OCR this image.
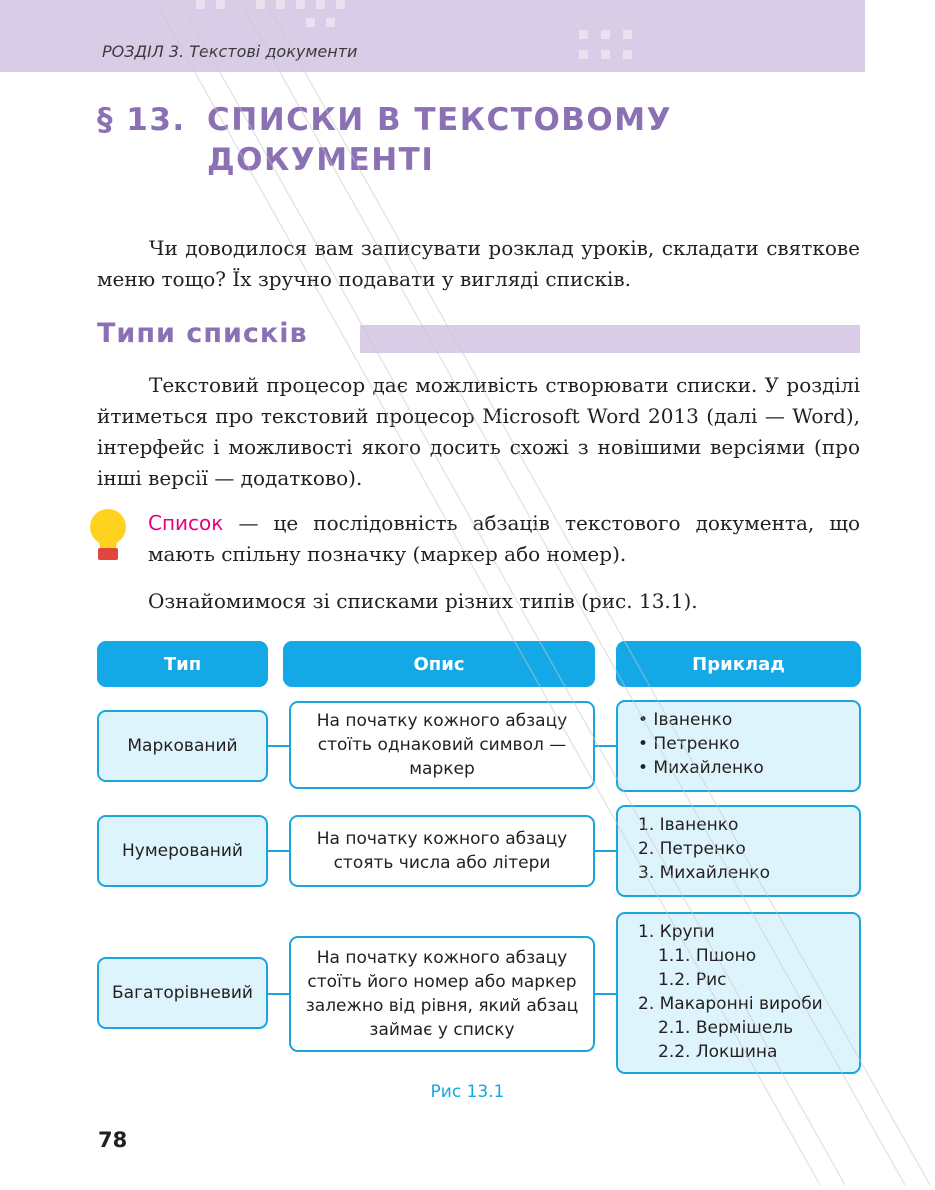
РОЗДІЛ 3. Текстові документи
§ 13. СПИСКИ В ТЕКСТОВОМУ
ДОКУМЕНТІ
Чи доводилося вам записувати розклад уроків, складати святкове меню тощо? Їх зручно подавати у вигляді списків.
Типи списків
Текстовий процесор дає можливість створювати списки. У розділі йтиметься про текстовий процесор Microsoft Word 2013 (далі — Word), інтерфейс і можливості якого досить схожі з новішими версіями (про інші версії — додатково).
Список — це послідовність абзаців текстового документа, що мають спільну позначку (маркер або номер).
Ознайомимося зі списками різних типів (рис. 13.1).
Тип	Опис	Приклад
Маркований
На початку кожного абзацу стоїть однаковий символ — маркер
• Іваненко
• Петренко
• Михайленко
Нумерований
На початку кожного абзацу стоять числа або літери
1. Іваненко
2. Петренко
3. Михайленко
Багаторівневий
На початку кожного абзацу стоїть його номер або маркер залежно від рівня, який абзац займає у списку
1. Крупи
1.1. Пшоно
1.2. Рис
2. Макаронні вироби
2.1. Вермішель
2.2. Локшина
Рис 13.1
78
